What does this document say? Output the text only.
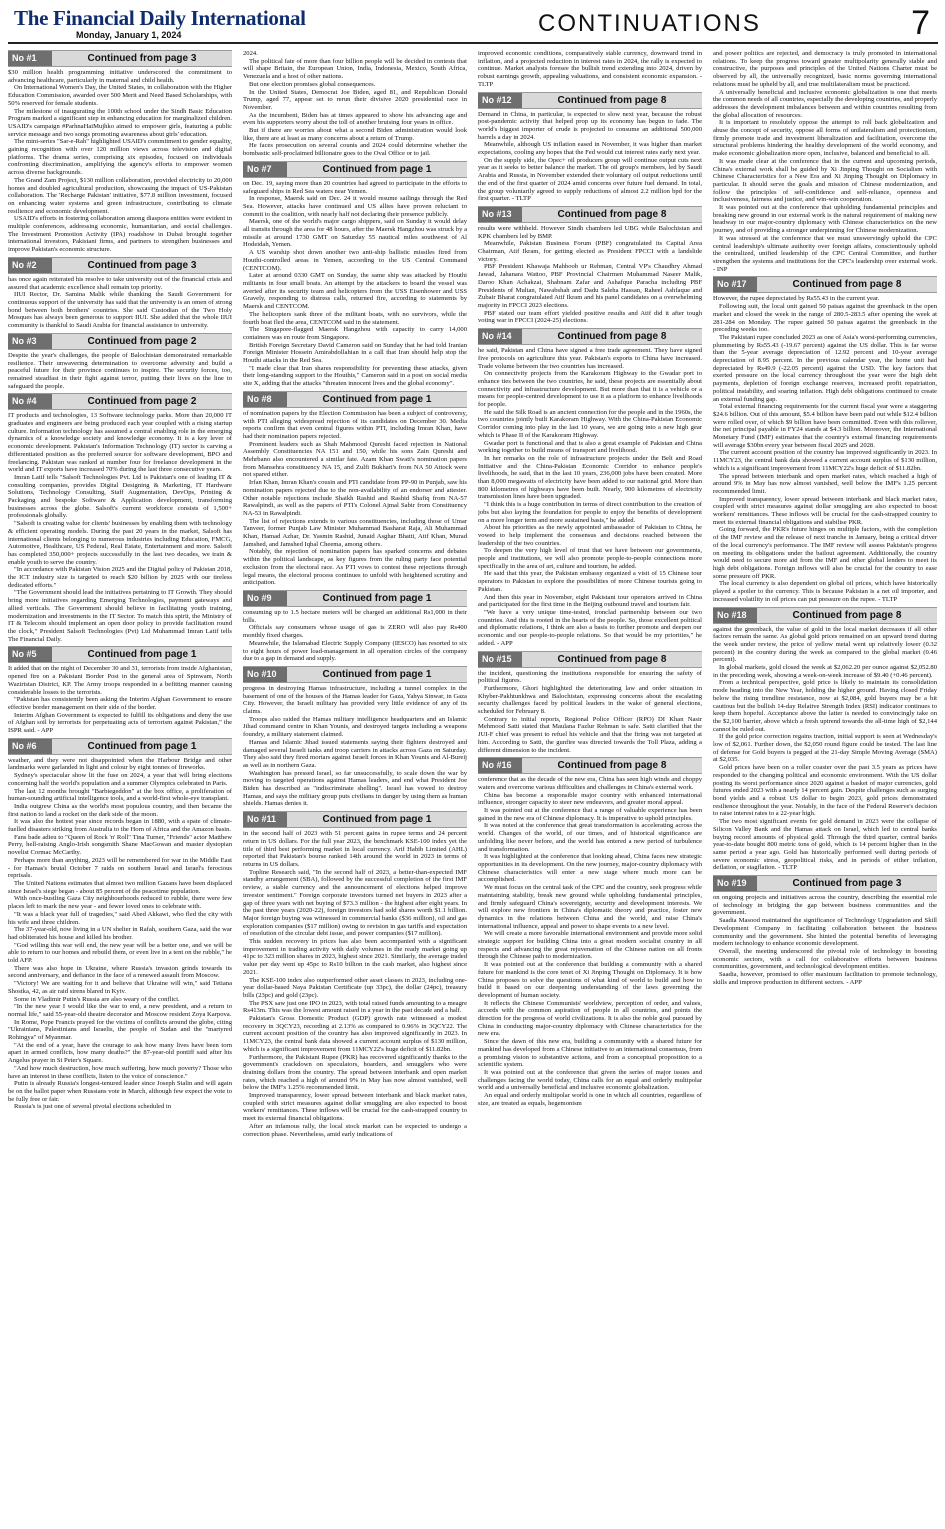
The Financial Daily International
Monday, January 1, 2024	CONTINUATIONS	7
No #1	Continued from page 3

$30 million health programming initiative underscored the commitment to advancing healthcare, particularly in maternal and child health.

On International Women's Day, the United States, in collaboration with the Higher Education Commission, awarded over 500 Merit and Need Based Scholarships, with 50% reserved for female students.

The milestone of inaugurating the 100th school under the Sindh Basic Education Program marked a significant step in enhancing education for marginalized children. USAID's campaign #ParhnaHaiMujhko aimed to empower girls, featuring a public service message and two songs promoting awareness about girls' education.

The mini-series "Sar-e-Rah" highlighted USAID's commitment to gender equality, gaining recognition with over 120 million views across television and digital platforms. The drama series, comprising six episodes, focused on individuals confronting discrimination, amplifying the agency's efforts to empower women across diverse backgrounds.

The Grand Zam Project, $130 million collaboration, provided electricity to 20,000 homes and doubled agricultural production, showcasing the impact of US-Pakistan collaboration. The 'Recharge Pakistan' initiative, $77.8 million investment, focused on enhancing water systems and green infrastructure, contributing to climate resilience and economic development.

USAID's efforts in fostering collaboration among diaspora entities were evident in multiple conferences, addressing economic, humanitarian, and social challenges. The Investment Promotion Activity (IPA) roadshow in Dubai brought together international investors, Pakistani firms, and partners to strengthen businesses and improve Pakistan's economic structure.

No #2	Continued from page 3

has once again reiterated his resolve to take university out of the financial crisis and assured that academic excellence shall remain top priority.

IIUI Rector, Dr. Samina Malik while thanking the Saudi Government for continuous support of the university has said that the university is an omen of strong bond between both brothers' countries. She said Custodian of the Two Holy Mosques has always been generous to support IIUI. She added that the whole IIUI community is thankful to Saudi Arabia for financial assistance to university.

No #3	Continued from page 2

Despite the year's challenges, the people of Balochistan demonstrated remarkable resilience. Their unwavering determination to overcome adversity and build a peaceful future for their province continues to inspire. The security forces, too, remained steadfast in their fight against terror, putting their lives on the line to safeguard the people.

No #4	Continued from page 2

IT products and technologies, 13 Software technology parks. More than 20,000 IT graduates and engineers are being produced each year coupled with a rising startup culture. Information technology has assumed a central enabling role in the emerging dynamics of a knowledge society and knowledge economy. It is a key lever of economic development. Pakistan's Information Technology (IT) sector is carving a differentiated position as the preferred source for software development, BPO and freelancing. Pakistan was ranked at number four for freelance development in the world and IT exports have increased 70% during the last three consecutive years.

Imran Latif tells "Salsoft Technologies Pvt. Ltd is Pakistan's one of leading IT & consulting companies, provides Digital Designing & Marketing, IT Hardware Solutions, Technology Consulting, Staff Augmentation, DevOps, Printing & Packaging and bespoke Software & Application development, transforming businesses across the globe. Salsoft's current workforce consists of 1,500+ professionals globally.

"Salsoft is creating value for clients' businesses by enabling them with technology & efficient operating models. During the past 20 years in the market, Salsoft has international clients belonging to numerous industries including Education, FMCG, Automotive, Healthcare, US Federal, Real Estate, Entertainment and more. Salsoft has completed 350,000+ projects successfully in the last two decades, we train & enable youth to serve the country.

"In accordance with Pakistan Vision 2025 and the Digital policy of Pakistan 2018, the ICT industry size is targeted to reach $20 billion by 2025 with our tireless dedicated efforts."

"The Government should lead the initiatives pertaining to IT Growth. They should bring more initiatives regarding Emerging Technologies, payment gateways and allied verticals. The Government should believe in facilitating youth training, modernization and investments in the IT Sector. To match this spirit, the Ministry of IT & Telecom should implement an open door policy to provide facilitation round the clock," President Salsoft Technologies (Pvt) Ltd Muhammad Imran Latif tells The Financial Daily.

No #5	Continued from page 1

It added that on the night of December 30 and 31, terrorists from inside Afghanistan, opened fire on a Pakistani Border Post in the general area of Spinwam, North Waziristan District, KP. The Army troops responded in a befitting manner causing considerable losses to the terrorists.

"Pakistan has consistently been asking the Interim Afghan Government to ensure effective border management on their side of the border.

Interim Afghan Government is expected to fulfill its obligations and deny the use of Afghan soil by terrorists for perpetuating acts of terrorism against Pakistan," the ISPR said. - APP

No #6	Continued from page 1

weather, and they were not disappointed when the Harbour Bridge and other landmarks were garlanded in light and colour by eight tonnes of fireworks.

Sydney's spectacular show lit the fuse on 2024, a year that will bring elections concerning half the world's population and a summer Olympics celebrated in Paris.

The last 12 months brought "Barbiegeddon" at the box office, a proliferation of human-sounding artificial intelligence tools, and a world-first whole-eye transplant.

India outgrew China as the world's most populous country, and then became the first nation to land a rocket on the dark side of the moon.

It was also the hottest year since records began in 1880, with a spate of climate-fuelled disasters striking from Australia to the Horn of Africa and the Amazon basin.

Fans bade adieu to "Queen of Rock 'n' Roll" Tina Turner, "Friends" actor Matthew Perry, hell-raising Anglo-Irish songsmith Shane MacGowan and master dystopian novelist Cormac McCarthy.

Perhaps more than anything, 2023 will be remembered for war in the Middle East - for Hamas's brutal October 7 raids on southern Israel and Israel's ferocious reprisals.

The United Nations estimates that almost two million Gazans have been displaced since Israel's siege began - about 85 percent of the peacetime population.

With once-bustling Gaza City neighbourhoods reduced to rubble, there were few places left to mark the new year - and fewer loved ones to celebrate with.

"It was a black year full of tragedies," said Abed Akkawi, who fled the city with his wife and three children.

The 37-year-old, now living in a UN shelter in Rafah, southern Gaza, said the war had obliterated his house and killed his brother.

"God willing this war will end, the new year will be a better one, and we will be able to return to our homes and rebuild them, or even live in a tent on the rubble," he told AFP.

There was also hope in Ukraine, where Russia's invasion grinds towards its second anniversary, and defiance in the face of a renewed assault from Moscow.

"Victory! We are waiting for it and believe that Ukraine will win," said Tetiana Shostka, 42, as air raid sirens blared in Kyiv.

Some in Vladimir Putin's Russia are also weary of the conflict.

"In the new year I would like the war to end, a new president, and a return to normal life," said 55-year-old theatre decorator and Moscow resident Zoya Karpova.

In Rome, Pope Francis prayed for the victims of conflicts around the globe, citing "Ukrainians, Palestinians and Israelis, the people of Sudan and the "martyred Rohingya" of Myanmar.

"At the end of a year, have the courage to ask how many lives have been torn apart in armed conflicts, how many deaths?" the 87-year-old pontiff said after his Angelus prayer in St Peter's Square.

"And how much destruction, how much suffering, how much poverty? Those who have an interest in these conflicts, listen to the voice of conscience."

Putin is already Russia's longest-tenured leader since Joseph Stalin and will again be on the ballot paper when Russians vote in March, although few expect the vote to be fully free or fair.

Russia's is just one of several pivotal elections scheduled in

2024.

The political fate of more than four billion people will be decided in contests that will shape Britain, the European Union, India, Indonesia, Mexico, South Africa, Venezuela and a host of other nations.

But one election promises global consequences.

In the United States, Democrat Joe Biden, aged 81, and Republican Donald Trump, aged 77, appear set to rerun their divisive 2020 presidential race in November.

As the incumbent, Biden has at times appeared to show his advancing age and even his supporters worry about the toll of another bruising four years in office.

But if there are worries about what a second Biden administration would look like, there are at least as many concerns about a return of Trump.

He faces prosecution on several counts and 2024 could determine whether the bombastic self-proclaimed billionaire goes to the Oval Office or to jail.

No #7	Continued from page 1

on Dec. 19, saying more than 20 countries had agreed to participate in the efforts to safeguard ships in Red Sea waters near Yemen.

In response, Maersk said on Dec. 24 it would resume sailings through the Red Sea. However, attacks have continued and US allies have proven reluctant to commit to the coalition, with nearly half not declaring their presence publicly.

Maersk, one of the world's major cargo shippers, said on Sunday it would delay all transits through the area for 48 hours, after the Maersk Hangzhou was struck by a missile at around 1730 GMT on Saturday 55 nautical miles southwest of Al Hodeidah, Yemen.

A US warship shot down another two anti-ship ballistic missiles fired from Houthi-controlled areas in Yemen, according to the US Central Command (CENTCOM).

Later at around 0330 GMT on Sunday, the same ship was attacked by Houthi militants in four small boats. An attempt by the attackers to board the vessel was averted after its security team and helicopters from the USS Eisenhower and USS Gravely, responding to distress calls, returned fire, according to statements by Maersk and CENTCOM.

The helicopters sank three of the militant boats, with no survivors, while the fourth boat fled the area, CENTCOM said in the statement.

The Singapore-flagged Maersk Hangzhou with capacity to carry 14,000 containers was en route from Singapore.

British Foreign Secretary David Cameron said on Sunday that he had told Iranian Foreign Minister Hossein Amirabdollahian in a call that Iran should help stop the Houthi attacks in the Red Sea.

"I made clear that Iran shares responsibility for preventing these attacks, given their long-standing support to the Houthis," Cameron said in a post on social media site X, adding that the attacks "threaten innocent lives and the global economy".

No #8	Continued from page 1

of nomination papers by the Election Commission has been a subject of controversy, with PTI alleging widespread rejection of its candidates on December 30. Media reports confirm that even central figures within PTI, including Imran Khan, have had their nomination papers rejected.

Prominent leaders such as Shah Mahmood Qureshi faced rejection in National Assembly Constituencies NA 151 and 150, while his sons Zain Qureshi and Mehrbano also encountered a similar fate. Azam Khan Swati's nomination papers from Mansehra constituency NA 15, and Zulfi Bukhari's from NA 50 Attock were not spared either.

Irfan Khan, Imran Khan's cousin and PTI candidate from PP-90 in Punjab, saw his nomination papers rejected due to the non-availability of an endorser and attester. Other notable rejections include Shaikh Rashid and Rashid Shafiq from NA-57 Rawalpindi, as well as the papers of PTI's Colonel Ajmal Sabir from Constituency NA-53 in Rawalpindi.

The list of rejections extends to various constituencies, including those of Umar Tanveer, former Punjab Law Minister Muhammad Basharat Raja, Ali Muhammad Khan, Hamad Azhar, Dr. Yasmin Rashid, Junaid Asghar Bhatti, Atif Khan, Murad Jamshed, and Jamshed Iqbal Cheema, among others.

Notably, the rejection of nomination papers has sparked concerns and debates within the political landscape, as key figures from the ruling party face potential exclusion from the electoral race. As PTI vows to contest these rejections through legal means, the electoral process continues to unfold with heightened scrutiny and anticipation.

No #9	Continued from page 1

consuming up to 1.5 hectare meters will be charged an additional Rs1,000 in their bills.

Officials say consumers whose usage of gas is ZERO will also pay Rs400 monthly fixed charges.

Meanwhile, the Islamabad Electric Supply Company (IESCO) has resorted to six to eight hours of power load-management in all operation circles of the company due to a gap in demand and supply.

No #10	Continued from page 1

progress in destroying Hamas infrastructure, including a tunnel complex in the basement of one of the houses of the Hamas leader for Gaza, Yahya Sinwar, in Gaza City. However, the Israeli military has provided very little evidence of any of its claims.

Troops also raided the Hamas military intelligence headquarters and an Islamic Jihad command centre in Khan Younis, and destroyed targets including a weapons foundry, a military statement claimed.

Hamas and Islamic Jihad issued statements saying their fighters destroyed and damaged several Israeli tanks and troop carriers in attacks across Gaza on Saturday. They also said they fired mortars against Israeli forces in Khan Younis and Al-Bureij as well as in northern Gaza.

Washington has pressed Israel, so far unsuccessfully, to scale down the war by moving to targeted operations against Hamas leaders, and end what President Joe Biden has described as "indiscriminate shelling". Israel has vowed to destroy Hamas, and says the military group puts civilians in danger by using them as human shields. Hamas denies it.

No #11	Continued from page 1

in the second half of 2023 with 51 percent gains in rupee terms and 24 percent return in US dollars. For the full year 2023, the benchmark KSE-100 index yet the title of third best performing market in local currency. Arif Habib Limited (AHL) reported that Pakistan's bourse ranked 14th around the world in 2023 in terms of returns in US dollars.

Topline Research said, "In the second half of 2023, a better-than-expected IMF standby arrangement (SBA), followed by the successful completion of the first IMF review, a stable currency and the announcement of elections helped improve investor sentiment." Foreign corporate investors turned net buyers in 2023 after a gap of three years with net buying of $73.3 million - the highest after eight years. In the past three years (2020-22), foreign investors had sold shares worth $1.1 billion. Major foreign buying was witnessed in commercial banks ($36 million), oil and gas exploration companies ($17 million) owing to revision in gas tariffs and expectation of resolution of the circular debt issue, and power companies ($17 million).

This sudden recovery in prices has also been accompanied with a significant improvement in trading activity with daily volumes in the ready market going up 41pc to 323 million shares in 2023, highest since 2021. Similarly, the average traded value per day went up 45pc to Rs10 billion in the cash market, also highest since 2021.

The KSE-100 index also outperformed other asset classes in 2023, including one-year dollar-based Naya Pakistan Certificate (up 33pc), the dollar (24pc), treasury bills (23pc) and gold (23pc).

The PSX saw just one IPO in 2023, with total raised funds amounting to a meagre Rs413m. This was the lowest amount raised in a year in the past decade and a half.

Pakistan's Gross Domestic Product (GDP) growth rate witnessed a modest recovery in 3QCY23, recording at 2.13% as compared to 0.96% in 3QCY22. The current account position of the country has also improved significantly in 2023. In 11MCY23, the central bank data showed a current account surplus of $130 million, which is a significant improvement from 11MCY22's huge deficit of $11.82bn.

Furthermore, the Pakistani Rupee (PKR) has recovered significantly thanks to the government's crackdown on speculators, hoarders, and smugglers who were draining dollars from the country. The spread between interbank and open market rates, which reached a high of around 9% in May has now almost vanished, well below the IMF's 1.25% recommended limit.

Improved transparency, lower spread between interbank and black market rates, coupled with strict measures against dollar smuggling are also expected to boost workers' remittances. These inflows will be crucial for the cash-strapped country to meet its external financial obligations.

After an infamous rally, the local stock market can be expected to undergo a correction phase. Nevertheless, amid early indications of

improved economic conditions, comparatively stable currency, downward trend in inflation, and a projected reduction in interest rates in 2024, the rally is expected to continue. Market analysts foresee the bullish trend extending into 2024, driven by robust earnings growth, appealing valuations, and consistent economic expansion. - TLTP

No #12	Continued from page 8

Demand in China, in particular, is expected to slow next year, because the robust post-pandemic activity that helped prop up its economy has begun to fade. The world's biggest importer of crude is projected to consume an additional 500,000 barrels a day in 2024.

Meanwhile, although US inflation eased in November, it was higher than market expectations, cooling any hopes that the Fed would cut interest rates early next year.

On the supply side, the Opec+ oil producers group will continue output cuts next year as it seeks to better balance the market. The oil group's members, led by Saudi Arabia and Russia, in November extended their voluntary oil output reductions until the end of the first quarter of 2024 amid concerns over future fuel demand. In total, the group voluntarily agreed to supply reductions of almost 2.2 million bpd for the first quarter. - TLTP

No #13	Continued from page 8

results were withheld. However Sindh chambers led UBG while Balochistan and KPK chambers led by BMP.

Meanwhile, Pakistan Business Forum (PBF) congratulated its Capital Area Chairman, Atif Ikram, for getting elected as President FPCCI with a landslide victory.

PBF President Khawaja Mahboob ur Rehman, Central VP's Chaudhry Ahmad Jawad, Jahanara Wattoo, PBF Provincial Chairmen Muhammad Naseer Malik, Daroo Khan Achakzai, Shabnam Zafar and Ashafque Paracha including PBF Presidents of Multan, Nawabshah and Dadu Saleha Hassan, Raheel Ashfaque and Zubair Bharat congratulated Atif Ikram and his panel candidates on a overwhelming majority in FPCCI 2023 elections.

PBF stated our team effort yielded positive results and Atif did it after tough voting war in FPCCI (2024-25) elections.

No #14	Continued from page 8

he said, Pakistan and China have signed a free trade agreement. They have signed five protocols on agriculture this year. Pakistan's exports to China have increased. Trade volume between the two countries has increased.

On connectivity projects from the Karakoram Highway to the Gwadar port to enhance ties between the two countries, he said, these projects are essentially about connectivity and infrastructure development. But more than that it is a vehicle or a means for people-centred development to use it as a platform to enhance livelihoods for people.

He said the Silk Road is an ancient connection for the people and in the 1960s, the two countries jointly built Karakoram Highway. With the China-Pakistan Economic Corridor coming into play in the last 10 years, we are going into a new high gear which is Phase II of the Karakoram Highway.

Gwadar port is functional and that is also a great example of Pakistan and China working together to build means of transport and livelihood.

In her remarks on the role of infrastructure projects under the Belt and Road Initiative and the China-Pakistan Economic Corridor to enhance people's livelihoods, he said, that in the last 10 years, 236,000 jobs have been created. More than 8,000 megawatts of electricity have been added to our national grid. More than 800 kilometres of highways have been built. Nearly, 900 kilometres of electricity transmission lines have been upgraded.

"I think this is a huge contribution in terms of direct contribution to the creation of jobs but also laying the foundation for people to enjoy the benefits of development on a more longer term and more sustained basis," he added.

About his priorities as the newly appointed ambassador of Pakistan to China, he vowed to help implement the consensus and decisions reached between the leadership of the two countries.

To deepen the very high level of trust that we have between our governments, people and institutions, we will also promote people-to-people connections more specifically in the area of art, culture and tourism, he added.

He said that this year, the Pakistan embassy organized a visit of 15 Chinese tour operators to Pakistan to explore the possibilities of more Chinese tourists going to Pakistan.

And then this year in November, eight Pakistani tour operators arrived in China and participated for the first time in the Beijing outbound travel and tourism fair.

"We have a very unique time-tested, ironclad partnership between our two countries. And this is rooted in the hearts of the people. So, those excellent political and diplomatic relations, I think are also a basis to further promote and deepen our economic and our people-to-people relations. So that would be my priorities," he added. - APP

No #15	Continued from page 8

the incident, questioning the institutions responsible for ensuring the safety of political figures.

Furthermore, Ghori highlighted the deteriorating law and order situation in Khyber-Pakhtunkhwa and Balochistan, expressing concerns about the escalating security challenges faced by political leaders in the wake of general elections, scheduled for February 8.

Contrary to initial reports, Regional Police Officer (RPO) DI Khan Nasir Mehmood Satti stated that Maulana Fazlur Rehman is safe. Satti clarified that the JUI-F chief was present to refuel his vehicle and that the firing was not targeted at him. According to Satti, the gunfire was directed towards the Toll Plaza, adding a different dimension to the incident.

No #16	Continued from page 8

conference that as the decade of the new era, China has seen high winds and choppy waters and overcome various difficulties and challenges in China's external work.

China has become a responsible major country with enhanced international influence, stronger capacity to steer new endeavors, and greater moral appeal.

It was pointed out at the conference that a range of valuable experience has been gained in the new era of Chinese diplomacy. It is imperative to uphold principles.

It was noted at the conference that great transformation is accelerating across the world. Changes of the world, of our times, and of historical significance are unfolding like never before, and the world has entered a new period of turbulence and transformation.

It was highlighted at the conference that looking ahead, China faces new strategic opportunities in its development. On the new journey, major-country diplomacy with Chinese characteristics will enter a new stage where much more can be accomplished.

We must focus on the central task of the CPC and the country, seek progress while maintaining stability, break new ground while upholding fundamental principles, and firmly safeguard China's sovereignty, security and development interests. We will explore new frontiers in China's diplomatic theory and practice, foster new dynamics in the relations between China and the world, and raise China's international influence, appeal and power to shape events to a new level.

We will create a more favorable international environment and provide more solid strategic support for building China into a great modern socialist country in all respects and advancing the great rejuvenation of the Chinese nation on all fronts through the Chinese path to modernization.

It was pointed out at the conference that building a community with a shared future for mankind is the core tenet of Xi Jinping Thought on Diplomacy. It is how China proposes to solve the questions of what kind of world to build and how to build it based on our deepening understanding of the laws governing the development of human society.

It reflects the Chinese Communists' worldview, perception of order, and values, accords with the common aspiration of people in all countries, and points the direction for the progress of world civilizations. It is also the noble goal pursued by China in conducting major-country diplomacy with Chinese characteristics for the new era.

Since the dawn of this new era, building a community with a shared future for mankind has developed from a Chinese initiative to an international consensus, from a promising vision to substantive actions, and from a conceptual proposition to a scientific system.

It was pointed out at the conference that given the series of major issues and challenges facing the world today, China calls for an equal and orderly multipolar world and a universally beneficial and inclusive economic globalization.

An equal and orderly multipolar world is one in which all countries, regardless of size, are treated as equals, hegemonism

and power politics are rejected, and democracy is truly promoted in international relations. To keep the progress toward greater multipolarity generally stable and constructive, the purposes and principles of the United Nations Charter must be observed by all, the universally recognized, basic norms governing international relations must be upheld by all, and true multilateralism must be practiced.

A universally beneficial and inclusive economic globalization is one that meets the common needs of all countries, especially the developing countries, and properly addresses the development imbalances between and within countries resulting from the global allocation of resources.

It is important to resolutely oppose the attempt to roll back globalization and abuse the concept of security, oppose all forms of unilateralism and protectionism, firmly promote trade and investment liberalization and facilitation, overcome the structural problems hindering the healthy development of the world economy, and make economic globalization more open, inclusive, balanced and beneficial to all.

It was made clear at the conference that in the current and upcoming periods, China's external work shall be guided by Xi Jinping Thought on Socialism with Chinese Characteristics for a New Era and Xi Jinping Thought on Diplomacy in particular. It should serve the goals and mission of Chinese modernization, and follow the principles of self-confidence and self-reliance, openness and inclusiveness, fairness and justice, and win-win cooperation.

It was pointed out at the conference that upholding fundamental principles and breaking new ground in our external work is the natural requirement of making new headway in our major-country diplomacy with Chinese characteristics on the new journey, and of providing a stronger underpinning for Chinese modernization.

It was stressed at the conference that we must unswervingly uphold the CPC central leadership's ultimate authority over foreign affairs, conscientiously uphold the centralized, unified leadership of the CPC Central Committee, and further strengthen the systems and institutions for the CPC's leadership over external work. - INP

No #17	Continued from page 8

However, the rupee depreciated by Rs55.43 in the current year.

Following suit, the local unit gained 50 paisas against the greenback in the open market and closed the week in the range of 280.5-283.5 after opening the week at 281-284 on Monday. The rupee gained 50 paisas against the greenback in the preceding weeks too.

The Pakistani rupee concluded 2023 as one of Asia's worst-performing currencies, plummeting by Rs55.43 (-19.67 percent) against the US dollar. This is far worse than the 5-year average depreciation of 12.92 percent and 10-year average depreciation of 8.95 percent. In the previous calendar year, the home unit had depreciated by Rs49.9 (-22.05 percent) against the USD. The key factors that exerted pressure on the local currency throughout the year were the high debt payments, depletion of foreign exchange reserves, increased profit repatriation, political instability, and soaring inflation. High debt obligations continued to create an external funding gap.

Total external financing requirements for the current fiscal year were a staggering $24.6 billion. Out of this amount, $5.4 billion have been paid out while $12.4 billion were rolled over, of which $9 billion have been committed. Even with this rollover, the net principal payable in FY24 stands at $4.3 billion. Moreover, the International Monetary Fund (IMF) estimates that the country's external financing requirements will average $30bn every year between fiscal 2025 and 2028.

The current account position of the country has improved significantly in 2023. In 11MCY23, the central bank data showed a current account surplus of $130 million, which is a significant improvement from 11MCY22's huge deficit of $11.82bn.

The spread between interbank and open market rates, which reached a high of around 9% in May has now almost vanished, well below the IMF's 1.25 percent recommended limit.

Improved transparency, lower spread between interbank and black market rates, coupled with strict measures against dollar smuggling are also expected to boost workers' remittances. These inflows will be crucial for the cash-strapped country to meet its external financial obligations and stabilise PKR.

Going forward, the PKR's future hinges on multiple factors, with the completion of the IMF review and the release of next tranche in January, being a critical driver of the local currency's performance. The IMF review will assess Pakistan's progress on meeting its obligations under the bailout agreement. Additionally, the country would need to secure more aid from the IMF and other global lenders to meet its high debt obligations. Foreign inflows will also be crucial for the country to ease some pressure off PKR.

The local currency is also dependent on global oil prices, which have historically played a spoiler to the currency. This is because Pakistan is a net oil importer, and increased volatility in oil prices can put pressure on the rupee. - TLTP

No #18	Continued from page 8

against the greenback, the value of gold in the local market decreases if all other factors remain the same. As global gold prices remained on an upward trend during the week under review, the price of yellow metal went up relatively lower (0.32 percent) in the country during the week as compared to the global market (0.46 percent).

In global markets, gold closed the week at $2,062.20 per ounce against $2,052.80 in the preceding week, showing a week-on-week increase of $9.40 (+0.46 percent).

From a technical perspective, gold price is likely to maintain its consolidation mode heading into the New Year, holding the higher ground. Having closed Friday below the rising trendline resistance, now at $2,084, gold buyers may be a bit cautious but the bullish 14-day Relative Strength Index (RSI) indicator continues to keep them hopeful. Acceptance above the latter is needed to convincingly take on the $2,100 barrier, above which a fresh uptrend towards the all-time high of $2,144 cannot be ruled out.

If the gold price correction regains traction, initial support is seen at Wednesday's low of $2,061. Further down, the $2,050 round figure could be tested. The last line of defense for Gold buyers is pegged at the 21-day Simple Moving Average (SMA) at $2,035.

Gold prices have been on a roller coaster over the past 3.5 years as prices have responded to the changing political and economic environment. With the US dollar posting its worst performance since 2020 against a basket of major currencies, gold futures ended 2023 with a nearly 14 percent gain. Despite challenges such as surging bond yields and a robust US dollar to begin 2023, gold prices demonstrated resilience throughout the year. Notably, in the face of the Federal Reserve's decision to raise interest rates to a 22-year high.

The two most significant events for gold demand in 2023 were the collapse of Silicon Valley Bank and the Hamas attack on Israel, which led to central banks buying record amounts of physical gold. Through the third quarter, central banks year-to-date bought 800 metric tons of gold, which is 14 percent higher than in the same period a year ago. Gold has historically performed well during periods of severe economic stress, geopolitical risks, and in periods of either inflation, deflation, or stagflation. - TLTP

No #19	Continued from page 3

on ongoing projects and initiatives across the country, describing the essential role of technology in bridging the gap between business communities and the government.

Saadia Masood maintained the significance of Technology Upgradation and Skill Development Company in facilitating collaboration between the business community and the government. She hinted the potential benefits of leveraging modern technology to enhance economic development.

Overall, the meeting underscored the pivotal role of technology in boosting economic sectors, with a call for collaborative efforts between business communities, government, and technological development entities.

Saadia, however, promised to offer maximum facilitation to promote technology, skills and improve production in different sectors. - APP
